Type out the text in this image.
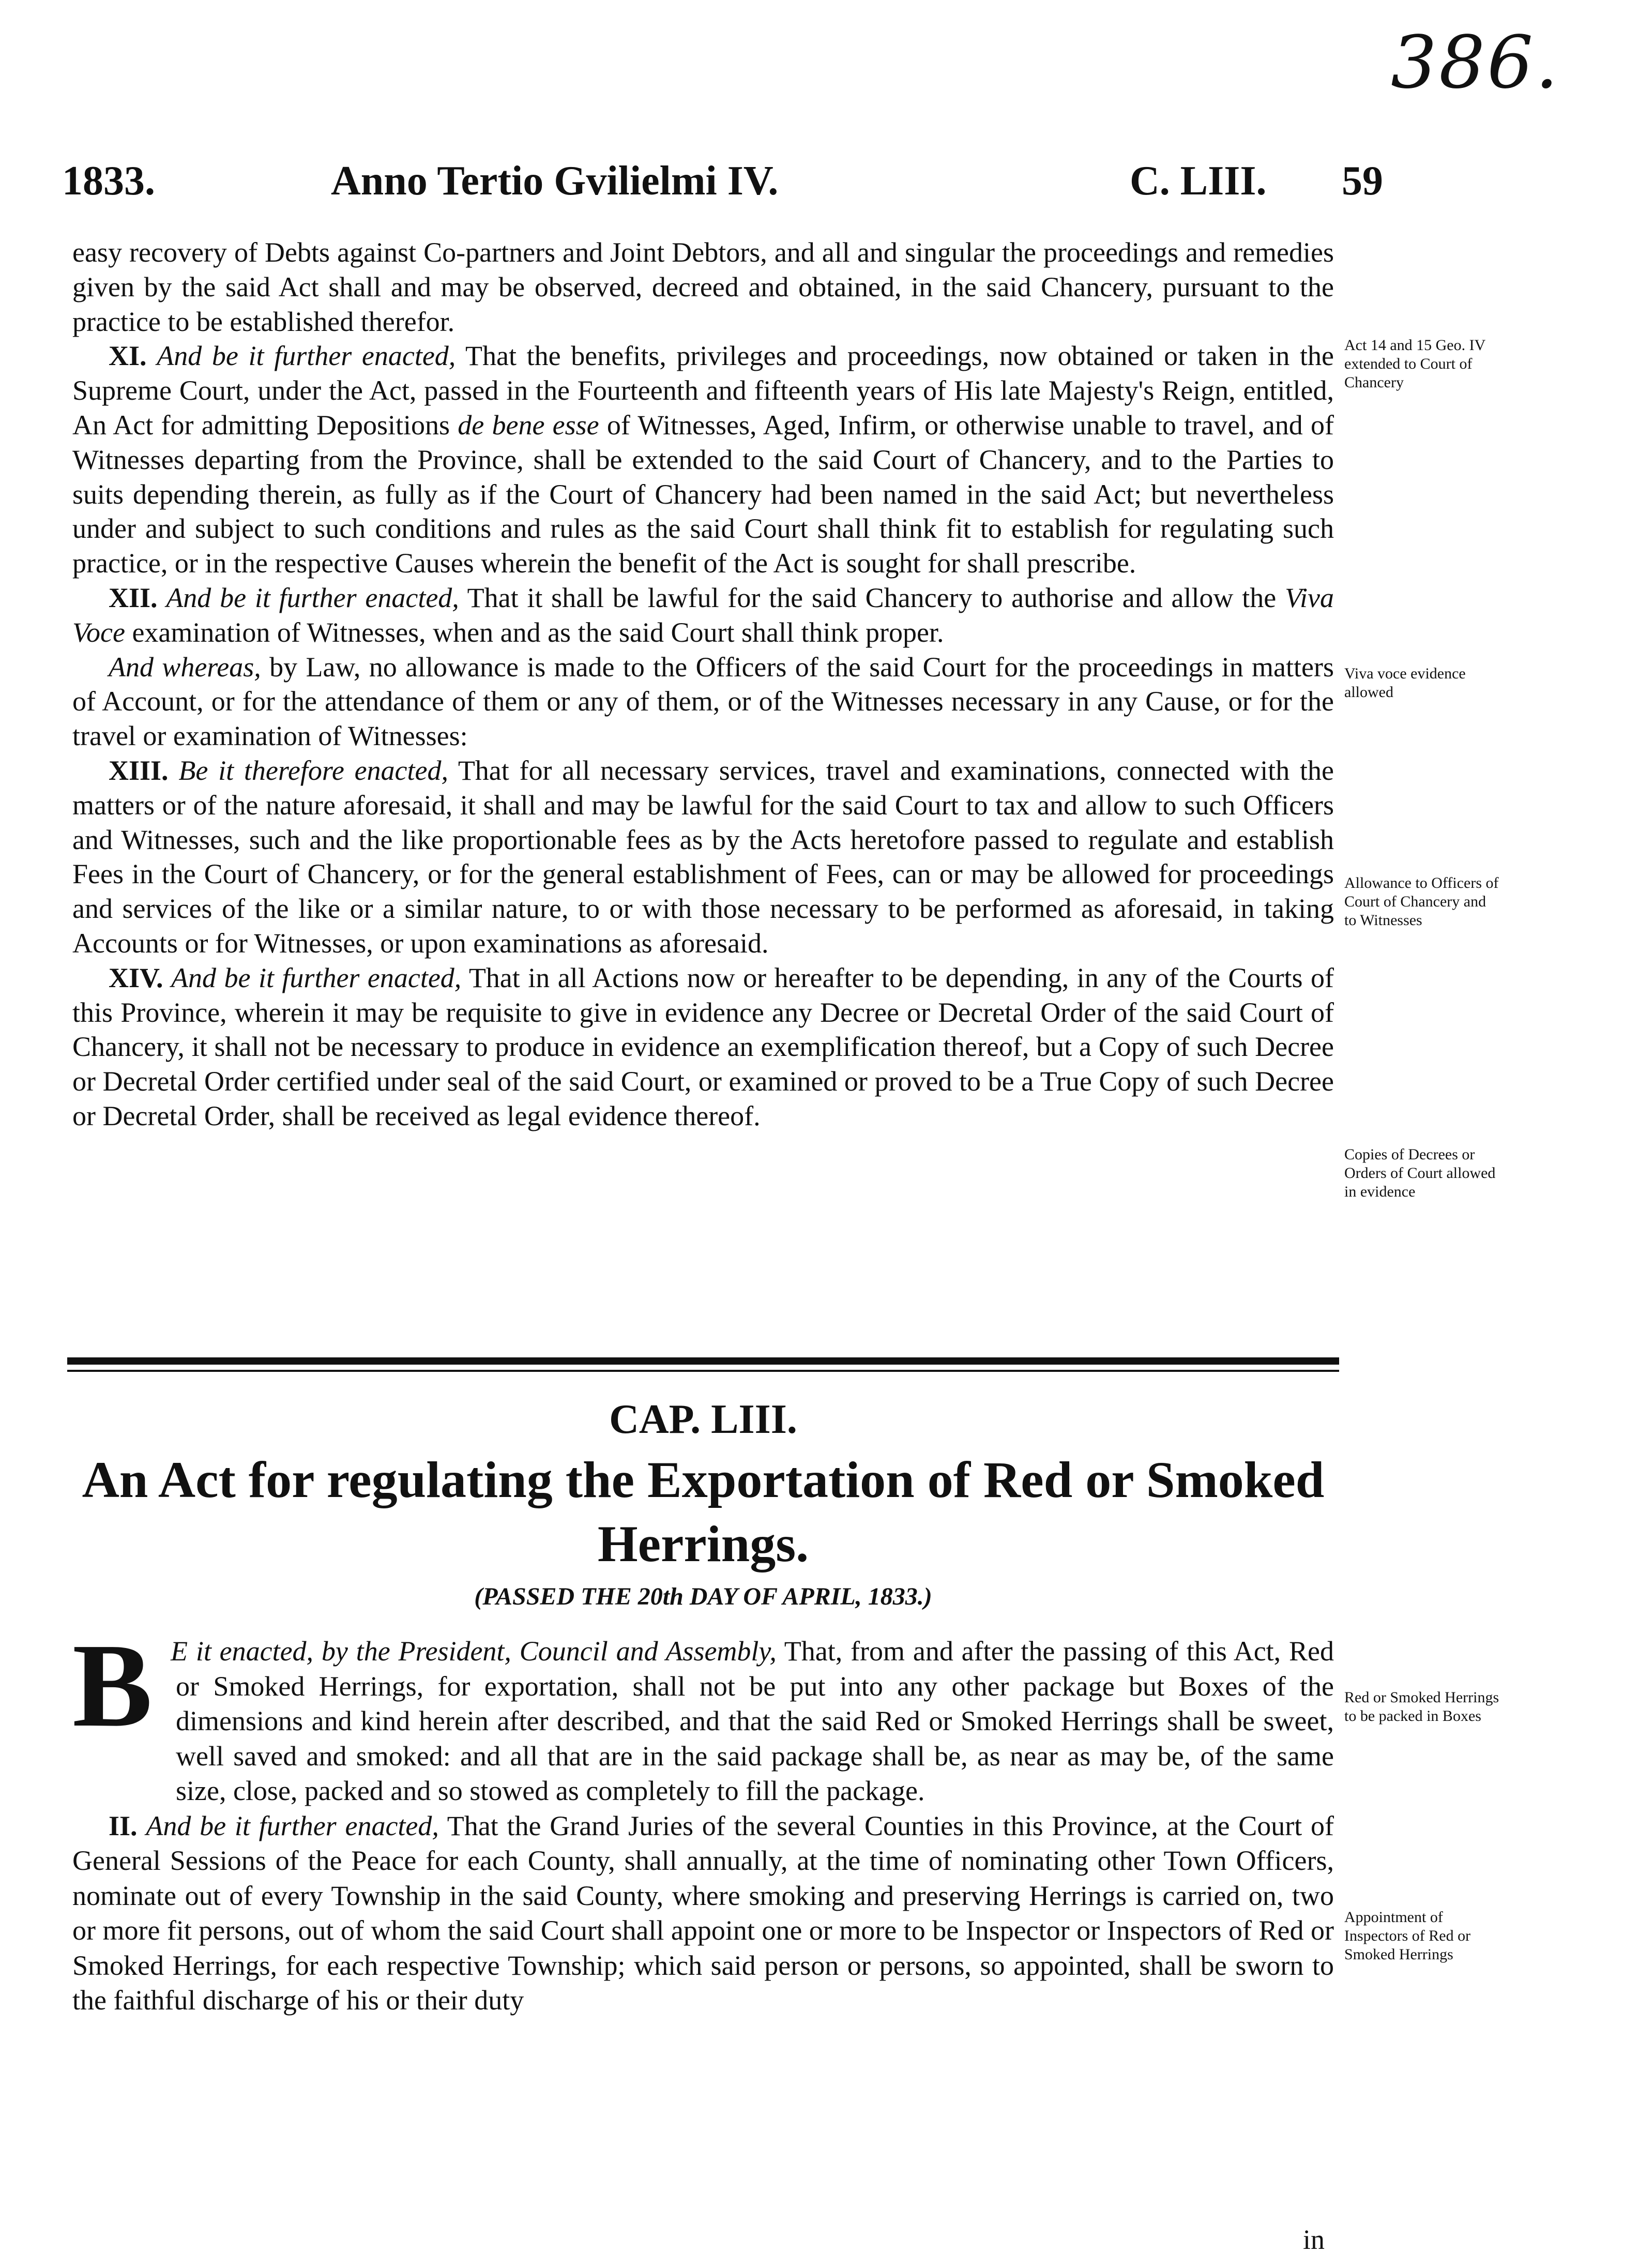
386.
1833.	Anno Tertio Gvilielmi IV.	C. LIII. 59

easy recovery of Debts against Co-partners and Joint Debtors, and all and singular the proceedings and remedies given by the said Act shall and may be observed, decreed and obtained, in the said Chancery, pursuant to the practice to be established therefor.

XI. And be it further enacted, That the benefits, privileges and proceedings, now obtained or taken in the Supreme Court, under the Act, passed in the Fourteenth and fifteenth years of His late Majesty's Reign, entitled, An Act for admitting Depositions de bene esse of Witnesses, Aged, Infirm, or otherwise unable to travel, and of Witnesses departing from the Province, shall be extended to the said Court of Chancery, and to the Parties to suits depending therein, as fully as if the Court of Chancery had been named in the said Act; but nevertheless under and subject to such conditions and rules as the said Court shall think fit to establish for regulating such practice, or in the respective Causes wherein the benefit of the Act is sought for shall prescribe.

XII. And be it further enacted, That it shall be lawful for the said Chancery to authorise and allow the Viva Voce examination of Witnesses, when and as the said Court shall think proper.

And whereas, by Law, no allowance is made to the Officers of the said Court for the proceedings in matters of Account, or for the attendance of them or any of them, or of the Witnesses necessary in any Cause, or for the travel or examination of Witnesses:

XIII. Be it therefore enacted, That for all necessary services, travel and examinations, connected with the matters or of the nature aforesaid, it shall and may be lawful for the said Court to tax and allow to such Officers and Witnesses, such and the like proportionable fees as by the Acts heretofore passed to regulate and establish Fees in the Court of Chancery, or for the general establishment of Fees, can or may be allowed for proceedings and services of the like or a similar nature, to or with those necessary to be performed as aforesaid, in taking Accounts or for Witnesses, or upon examinations as aforesaid.

XIV. And be it further enacted, That in all Actions now or hereafter to be depending, in any of the Courts of this Province, wherein it may be requisite to give in evidence any Decree or Decretal Order of the said Court of Chancery, it shall not be necessary to produce in evidence an exemplification thereof, but a Copy of such Decree or Decretal Order certified under seal of the said Court, or examined or proved to be a True Copy of such Decree or Decretal Order, shall be received as legal evidence thereof.

Act 14 and 15 Geo. IV extended to Court of Chancery
Viva voce evidence allowed
Allowance to Officers of Court of Chancery and to Witnesses
Copies of Decrees or Orders of Court allowed in evidence
CAP. LIII.
An Act for regulating the Exportation of Red or Smoked Herrings.
(PASSED THE 20th DAY OF APRIL, 1833.)
B E it enacted, by the President, Council and Assembly, That, from and after the passing of this Act, Red or Smoked Herrings, for exportation, shall not be put into any other package but Boxes of the dimensions and kind herein after described, and that the said Red or Smoked Herrings shall be sweet, well saved and smoked: and all that are in the said package shall be, as near as may be, of the same size, close, packed and so stowed as completely to fill the package.

II. And be it further enacted, That the Grand Juries of the several Counties in this Province, at the Court of General Sessions of the Peace for each County, shall annually, at the time of nominating other Town Officers, nominate out of every Township in the said County, where smoking and preserving Herrings is carried on, two or more fit persons, out of whom the said Court shall appoint one or more to be Inspector or Inspectors of Red or Smoked Herrings, for each respective Township; which said person or persons, so appointed, shall be sworn to the faithful discharge of his or their duty

Red or Smoked Herrings to be packed in Boxes
Appointment of Inspectors of Red or Smoked Herrings
in
